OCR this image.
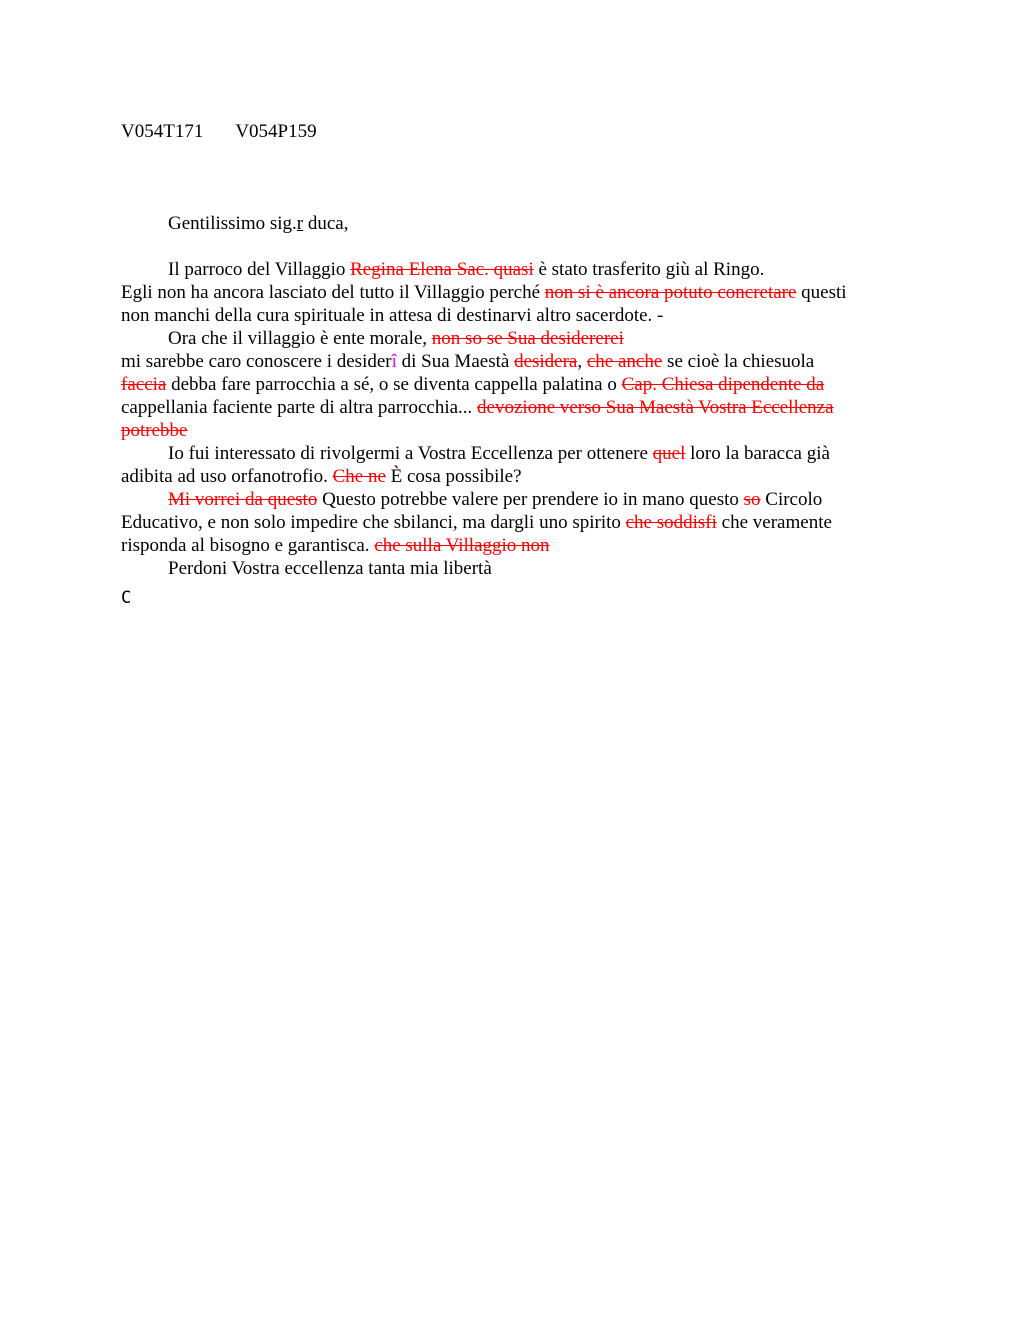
V054T171 V054P159

Gentilissimo sig.r duca,

Il parroco del Villaggio Regina Elena Sac. quasi è stato trasferito giù al Ringo.

Egli non ha ancora lasciato del tutto il Villaggio perché non si è ancora potuto concretare questi non manchi della cura spirituale in attesa di destinarvi altro sacerdote. -

Ora che il villaggio è ente morale, non so se Sua desidererei

mi sarebbe caro conoscere i desiderî di Sua Maestà desidera, che anche se cioè la chiesuola faccia debba fare parrocchia a sé, o se diventa cappella palatina o Cap. Chiesa dipendente da cappellania faciente parte di altra parrocchia... devozione verso Sua Maestà Vostra Eccellenza potrebbe

Io fui interessato di rivolgermi a Vostra Eccellenza per ottenere quel loro la baracca già adibita ad uso orfanotrofio. Che ne È cosa possibile?

Mi vorrei da questo Questo potrebbe valere per prendere io in mano questo so Circolo Educativo, e non solo impedire che sbilanci, ma dargli uno spirito che soddisfi che veramente risponda al bisogno e garantisca. che sulla Villaggio non

Perdoni Vostra eccellenza tanta mia libertà

C
